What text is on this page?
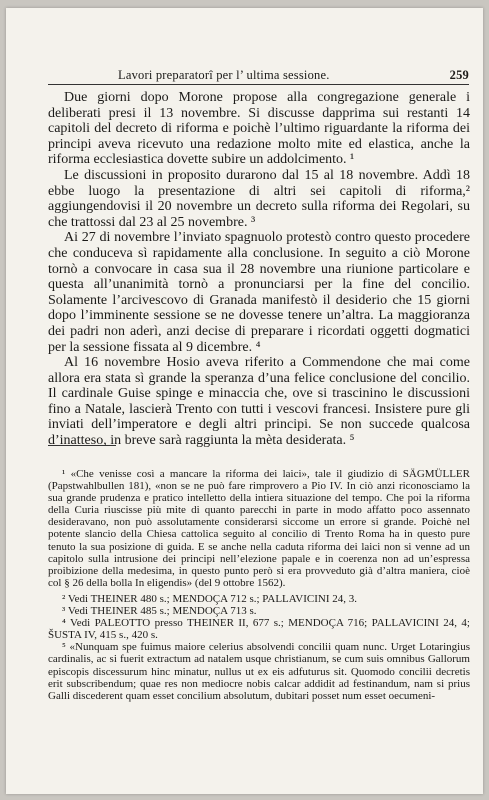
Lavori preparatorî per l’ ultima sessione.	259

Due giorni dopo Morone propose alla congregazione generale i deliberati presi il 13 novembre. Si discusse dapprima sui restanti 14 capitoli del decreto di riforma e poichè l’ultimo riguardante la riforma dei principi aveva ricevuto una redazione molto mite ed elastica, anche la riforma ecclesiastica dovette subire un addolcimento. ¹

Le discussioni in proposito durarono dal 15 al 18 novembre. Addì 18 ebbe luogo la presentazione di altri sei capitoli di riforma,² aggiungendovisi il 20 novembre un decreto sulla riforma dei Regolari, su che trattossi dal 23 al 25 novembre. ³

Ai 27 di novembre l’inviato spagnuolo protestò contro questo procedere che conduceva sì rapidamente alla conclusione. In seguito a ciò Morone tornò a convocare in casa sua il 28 novembre una riunione particolare e questa all’unanimità tornò a pronunciarsi per la fine del concilio. Solamente l’arcivescovo di Granada manifestò il desiderio che 15 giorni dopo l’imminente sessione se ne dovesse tenere un’altra. La maggioranza dei padri non aderì, anzi decise di preparare i ricordati oggetti dogmatici per la sessione fissata al 9 dicembre. ⁴

Al 16 novembre Hosio aveva riferito a Commendone che mai come allora era stata sì grande la speranza d’una felice conclusione del concilio. Il cardinale Guise spinge e minaccia che, ove si trascinino le discussioni fino a Natale, lascierà Trento con tutti i vescovi francesi. Insistere pure gli inviati dell’imperatore e degli altri principi. Se non succede qualcosa d’inatteso, in breve sarà raggiunta la mèta desiderata. ⁵

¹ «Che venisse così a mancare la riforma dei laici», tale il giudizio di SÄGMÜLLER (Papstwahlbullen 181), «non se ne può fare rimprovero a Pio IV. In ciò anzi riconosciamo la sua grande prudenza e pratico intelletto della intiera situazione del tempo. Che poi la riforma della Curia riuscisse più mite di quanto parecchi in parte in modo affatto poco assennato desideravano, non può assolutamente considerarsi siccome un errore si grande. Poichè nel potente slancio della Chiesa cattolica seguito al concilio di Trento Roma ha in questo pure tenuto la sua posizione di guida. E se anche nella caduta riforma dei laici non si venne ad un capitolo sulla intrusione dei principi nell’elezione papale e in coerenza non ad un’espressa proibizione della medesima, in questo punto però si era provveduto già d’altra maniera, cioè col § 26 della bolla In eligendis» (del 9 ottobre 1562).

² Vedi THEINER 480 s.; MENDOÇA 712 s.; PALLAVICINI 24, 3.

³ Vedi THEINER 485 s.; MENDOÇA 713 s.

⁴ Vedi PALEOTTO presso THEINER II, 677 s.; MENDOÇA 716; PALLAVICINI 24, 4; ŠUSTA IV, 415 s., 420 s.

⁵ «Nunquam spe fuimus maiore celerius absolvendi concilii quam nunc. Urget Lotaringius cardinalis, ac si fuerit extractum ad natalem usque christianum, se cum suis omnibus Gallorum episcopis discessurum hinc minatur, nullus ut ex eis adfuturus sit. Quomodo concilii decretis erit subscribendum; quae res non mediocre nobis calcar addidit ad festinandum, nam si prius Galli discederent quam esset concilium absolutum, dubitari posset num esset oecumeni-
